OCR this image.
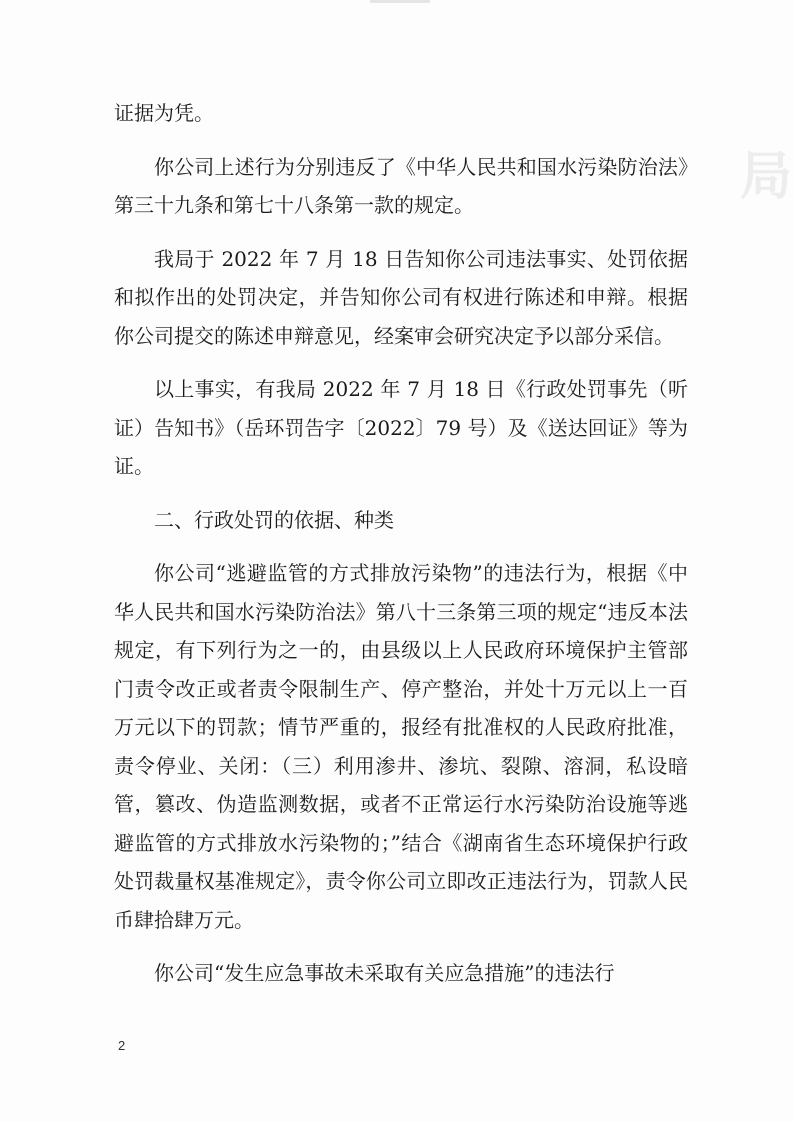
局

证据为凭。

你公司上述行为分别违反了《中华人民共和国水污染防治法》第三十九条和第七十八条第一款的规定。

我局于 2022 年 7 月 18 日告知你公司违法事实、处罚依据和拟作出的处罚决定，并告知你公司有权进行陈述和申辩。根据你公司提交的陈述申辩意见，经案审会研究决定予以部分采信。

以上事实，有我局 2022 年 7 月 18 日《行政处罚事先（听证）告知书》（岳环罚告字〔2022〕79 号）及《送达回证》等为证。

二、行政处罚的依据、种类

你公司“逃避监管的方式排放污染物”的违法行为，根据《中华人民共和国水污染防治法》第八十三条第三项的规定“违反本法规定，有下列行为之一的，由县级以上人民政府环境保护主管部门责令改正或者责令限制生产、停产整治，并处十万元以上一百万元以下的罚款；情节严重的，报经有批准权的人民政府批准，责令停业、关闭：（三）利用渗井、渗坑、裂隙、溶洞，私设暗管，篡改、伪造监测数据，或者不正常运行水污染防治设施等逃避监管的方式排放水污染物的；”结合《湖南省生态环境保护行政处罚裁量权基准规定》，责令你公司立即改正违法行为，罚款人民币肆拾肆万元。

你公司“发生应急事故未采取有关应急措施”的违法行

2
